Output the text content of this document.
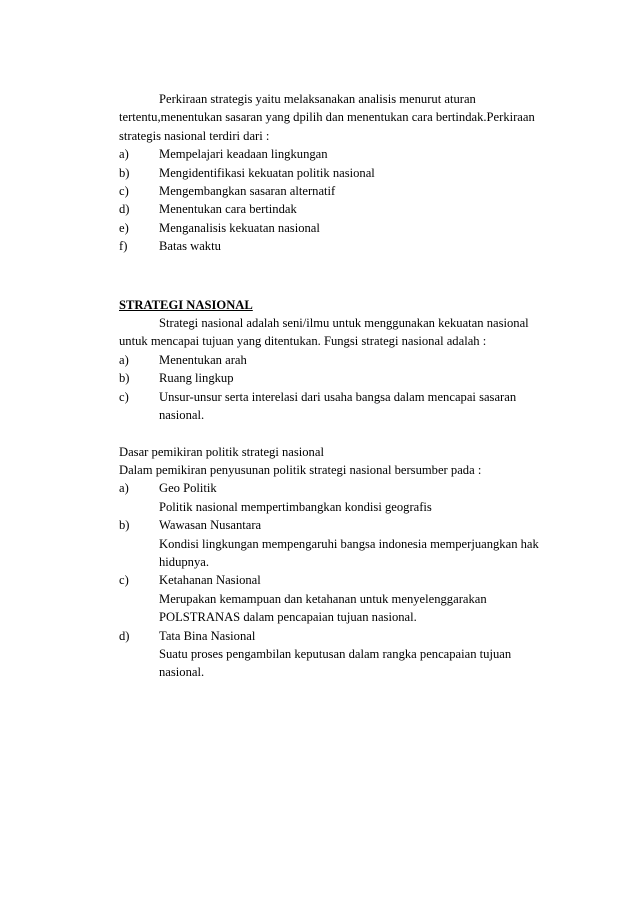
Perkiraan strategis yaitu melaksanakan analisis menurut aturan tertentu,menentukan sasaran yang dpilih dan menentukan cara bertindak.Perkiraan strategis nasional terdiri dari :

a)	Mempelajari keadaan lingkungan
b)	Mengidentifikasi kekuatan politik nasional
c)	Mengembangkan sasaran alternatif
d)	Menentukan cara bertindak
e)	Menganalisis kekuatan nasional
f)	Batas waktu

STRATEGI NASIONAL

Strategi nasional adalah seni/ilmu untuk menggunakan kekuatan nasional untuk mencapai tujuan yang ditentukan. Fungsi strategi nasional adalah :

a)	Menentukan arah
b)	Ruang lingkup
c)	Unsur-unsur serta interelasi dari usaha bangsa dalam mencapai sasaran nasional.

Dasar pemikiran politik strategi nasional

Dalam pemikiran penyusunan politik strategi nasional bersumber pada :

a)	Geo Politik
Politik nasional mempertimbangkan kondisi geografis
b)	Wawasan Nusantara
Kondisi lingkungan mempengaruhi bangsa indonesia memperjuangkan hak hidupnya.
c)	Ketahanan Nasional
Merupakan kemampuan dan ketahanan untuk menyelenggarakan POLSTRANAS dalam pencapaian tujuan nasional.
d)	Tata Bina Nasional
Suatu proses pengambilan keputusan dalam rangka pencapaian tujuan nasional.
